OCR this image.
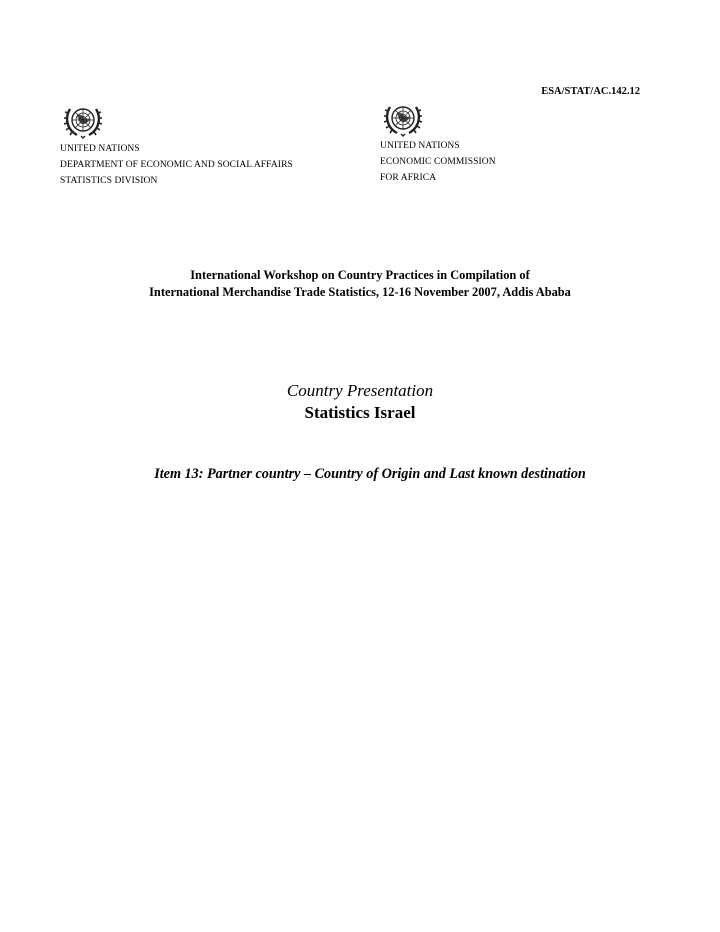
ESA/STAT/AC.142.12
UNITED NATIONS
DEPARTMENT OF ECONOMIC AND SOCIAL AFFAIRS
STATISTICS DIVISION
UNITED NATIONS
ECONOMIC COMMISSION
FOR AFRICA
International Workshop on Country Practices in Compilation of
International Merchandise Trade Statistics, 12-16 November 2007, Addis Ababa
Country Presentation
Statistics Israel
Item 13: Partner country – Country of Origin and Last known destination
